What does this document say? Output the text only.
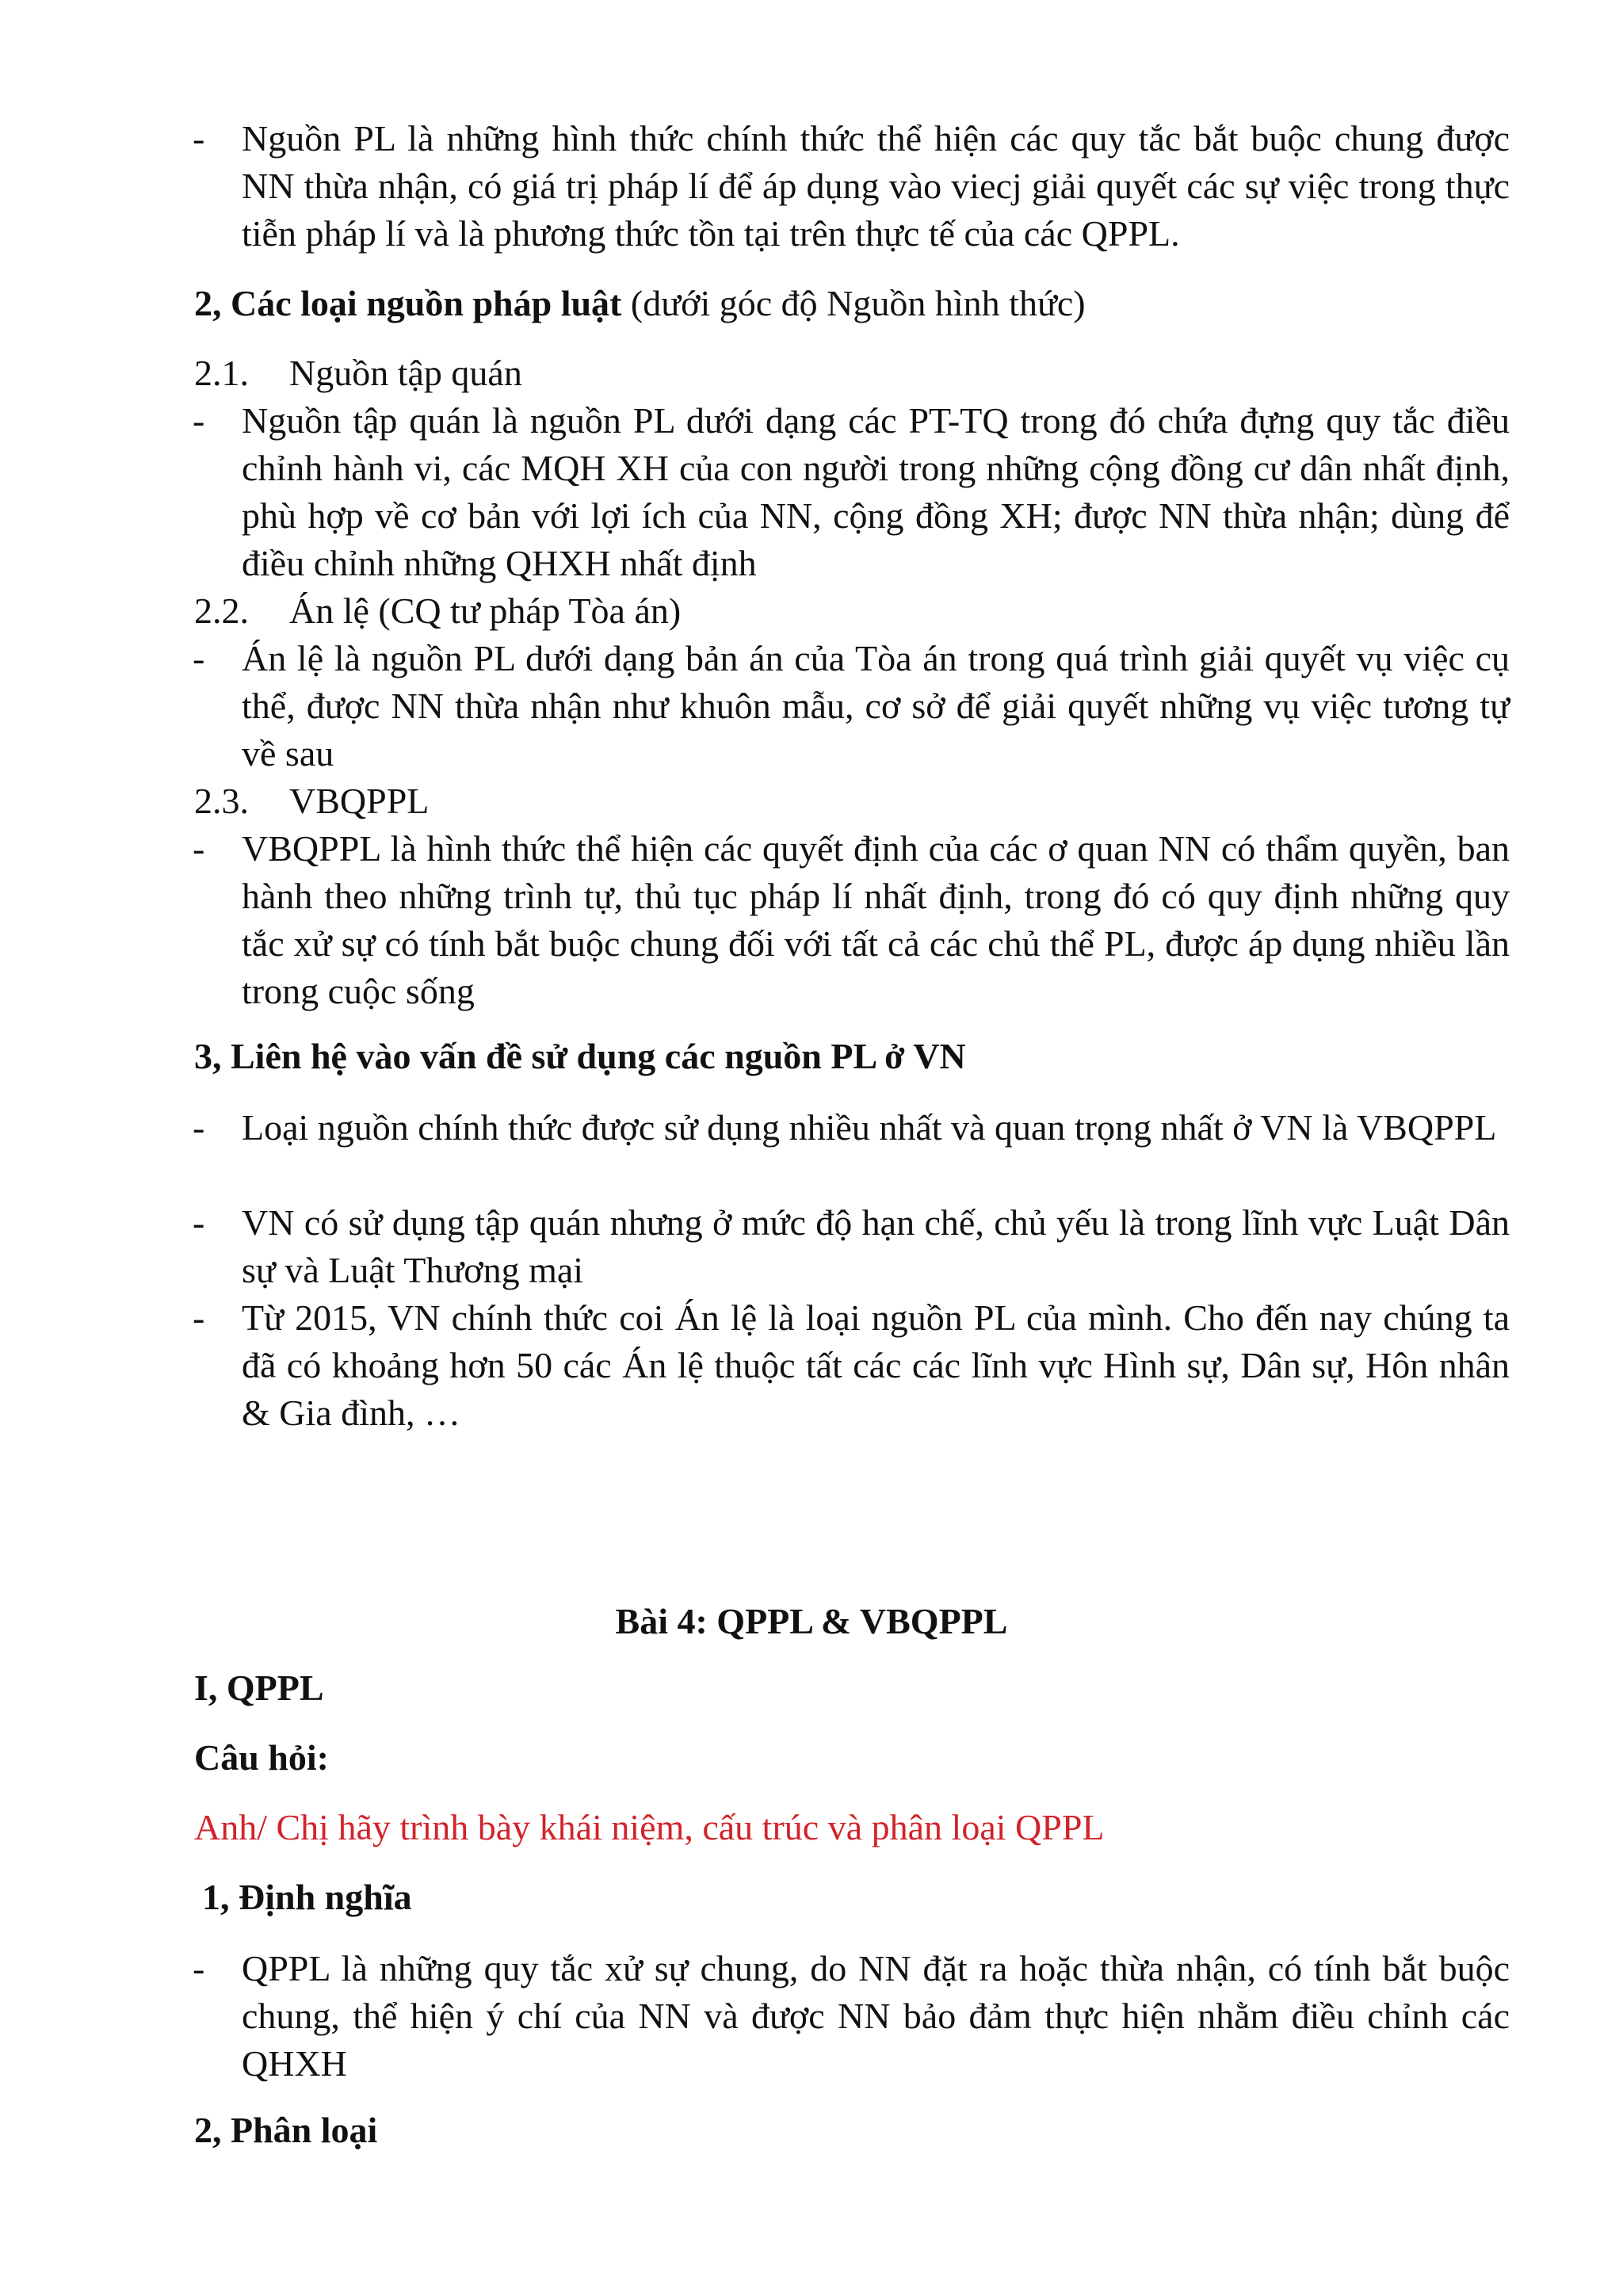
- Nguồn PL là những hình thức chính thức thể hiện các quy tắc bắt buộc chung được NN thừa nhận, có giá trị pháp lí để áp dụng vào viecj giải quyết các sự việc trong thực tiễn pháp lí và là phương thức tồn tại trên thực tế của các QPPL.

2, Các loại nguồn pháp luật (dưới góc độ Nguồn hình thức)
2.1. Nguồn tập quán
- Nguồn tập quán là nguồn PL dưới dạng các PT-TQ trong đó chứa đựng quy tắc điều chỉnh hành vi, các MQH XH của con người trong những cộng đồng cư dân nhất định, phù hợp về cơ bản với lợi ích của NN, cộng đồng XH; được NN thừa nhận; dùng để điều chỉnh những QHXH nhất định

2.2. Án lệ (CQ tư pháp Tòa án)
- Án lệ là nguồn PL dưới dạng bản án của Tòa án trong quá trình giải quyết vụ việc cụ thể, được NN thừa nhận như khuôn mẫu, cơ sở để giải quyết những vụ việc tương tự về sau

2.3. VBQPPL
- VBQPPL là hình thức thể hiện các quyết định của các ơ quan NN có thẩm quyền, ban hành theo những trình tự, thủ tục pháp lí nhất định, trong đó có quy định những quy tắc xử sự có tính bắt buộc chung đối với tất cả các chủ thể PL, được áp dụng nhiều lần trong cuộc sống

3, Liên hệ vào vấn đề sử dụng các nguồn PL ở VN
- Loại nguồn chính thức được sử dụng nhiều nhất và quan trọng nhất ở VN là VBQPPL

- VN có sử dụng tập quán nhưng ở mức độ hạn chế, chủ yếu là trong lĩnh vực Luật Dân sự và Luật Thương mại

- Từ 2015, VN chính thức coi Án lệ là loại nguồn PL của mình. Cho đến nay chúng ta đã có khoảng hơn 50 các Án lệ thuộc tất các các lĩnh vực Hình sự, Dân sự, Hôn nhân & Gia đình, …

Bài 4: QPPL & VBQPPL
I, QPPL
Câu hỏi:
Anh/ Chị hãy trình bày khái niệm, cấu trúc và phân loại QPPL
1, Định nghĩa
- QPPL là những quy tắc xử sự chung, do NN đặt ra hoặc thừa nhận, có tính bắt buộc chung, thể hiện ý chí của NN và được NN bảo đảm thực hiện nhằm điều chỉnh các QHXH

2, Phân loại
